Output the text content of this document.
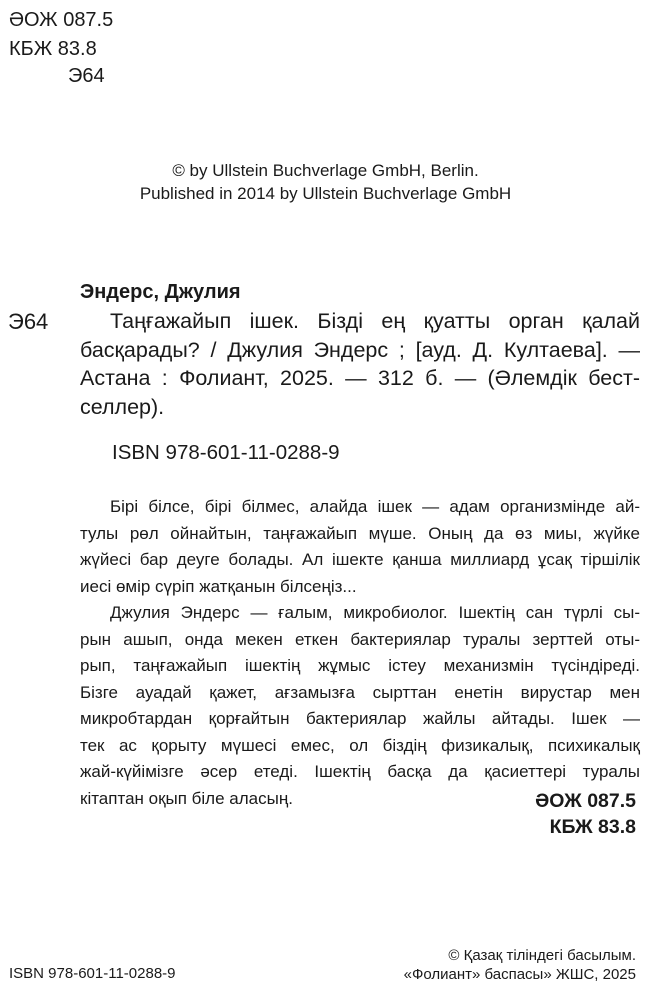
ӘОЖ 087.5
КБЖ 83.8
Э64
© by Ullstein Buchverlage GmbH, Berlin.
Published in 2014 by Ullstein Buchverlage GmbH
Эндерс, Джулия
Э64	Таңғажайып ішек. Бізді ең қуатты орган қалай
басқарады? / Джулия Эндерс ; [ауд. Д. Култаева]. —
Астана : Фолиант, 2025. — 312 б. — (Әлемдік бест-
селлер).
ISBN 978-601-11-0288-9
Бірі білсе, бірі білмес, алайда ішек — адам организмінде ай-
тулы рөл ойнайтын, таңғажайып мүше. Оның да өз миы, жүйке
жүйесі бар деуге болады. Ал ішекте қанша миллиард ұсақ тіршілік
иесі өмір сүріп жатқанын білсеңіз...
Джулия Эндерс — ғалым, микробиолог. Ішектің сан түрлі сы-
рын ашып, онда мекен еткен бактериялар туралы зерттей оты-
рып, таңғажайып ішектің жұмыс істеу механизмін түсіндіреді.
Бізге ауадай қажет, ағзамызға сырттан енетін вирустар мен
микробтардан қорғайтын бактериялар жайлы айтады. Ішек —
тек ас қорыту мүшесі емес, ол біздің физикалық, психикалық
жай-күйімізге әсер етеді. Ішектің басқа да қасиеттері туралы
кітаптан оқып біле аласың.	ӘОЖ 087.5
КБЖ 83.8
ISBN 978-601-11-0288-9
© Қазақ тіліндегі басылым.
«Фолиант» баспасы» ЖШС, 2025
